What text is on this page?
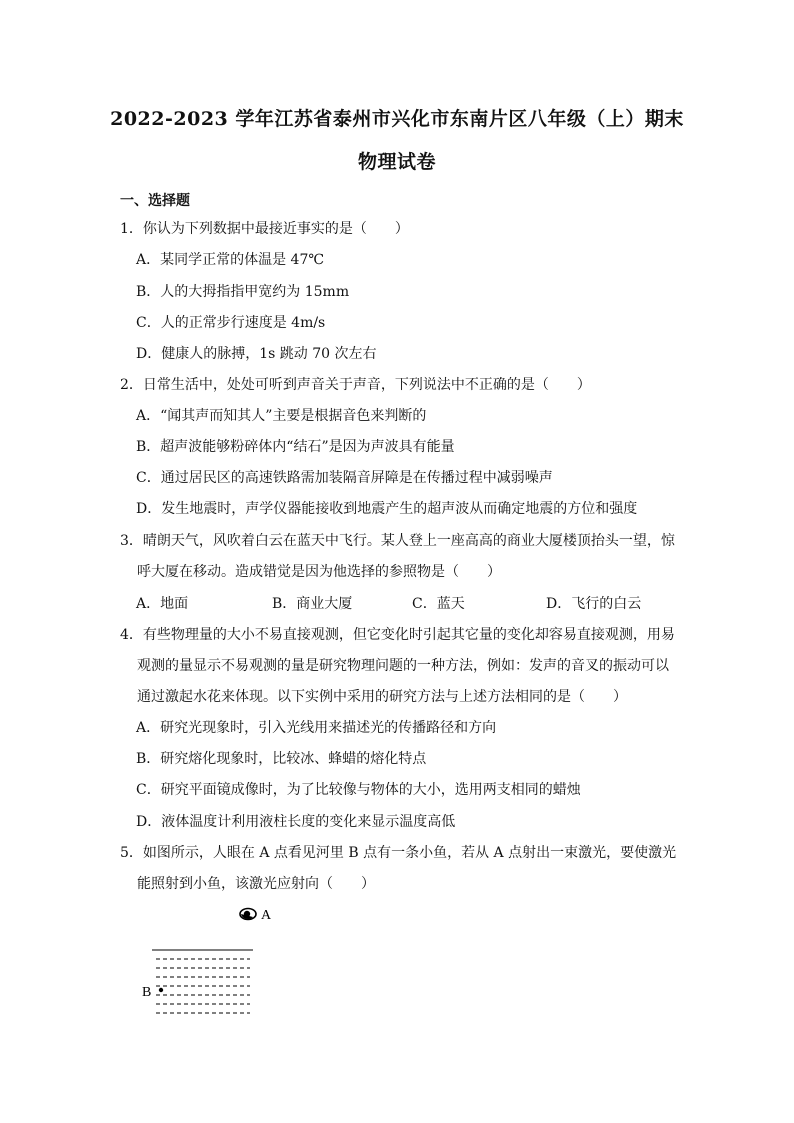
2022-2023 学年江苏省泰州市兴化市东南片区八年级（上）期末
物理试卷
一、选择题
1．你认为下列数据中最接近事实的是（　　）
A．某同学正常的体温是 47℃
B．人的大拇指指甲宽约为 15mm
C．人的正常步行速度是 4m/s
D．健康人的脉搏，1s 跳动 70 次左右
2．日常生活中，处处可听到声音关于声音，下列说法中不正确的是（　　）
A．“闻其声而知其人”主要是根据音色来判断的
B．超声波能够粉碎体内“结石”是因为声波具有能量
C．通过居民区的高速铁路需加装隔音屏障是在传播过程中减弱噪声
D．发生地震时，声学仪器能接收到地震产生的超声波从而确定地震的方位和强度
3．晴朗天气，风吹着白云在蓝天中飞行。某人登上一座高高的商业大厦楼顶抬头一望，惊
呼大厦在移动。造成错觉是因为他选择的参照物是（　　）
A．地面	B．商业大厦	C．蓝天	D．飞行的白云
4．有些物理量的大小不易直接观测，但它变化时引起其它量的变化却容易直接观测，用易
观测的量显示不易观测的量是研究物理问题的一种方法，例如：发声的音叉的振动可以
通过激起水花来体现。以下实例中采用的研究方法与上述方法相同的是（　　）
A．研究光现象时，引入光线用来描述光的传播路径和方向
B．研究熔化现象时，比较冰、蜂蜡的熔化特点
C．研究平面镜成像时，为了比较像与物体的大小，选用两支相同的蜡烛
D．液体温度计利用液柱长度的变化来显示温度高低
5．如图所示，人眼在 A 点看见河里 B 点有一条小鱼，若从 A 点射出一束激光，要使激光
能照射到小鱼，该激光应射向（　　）
A
B
